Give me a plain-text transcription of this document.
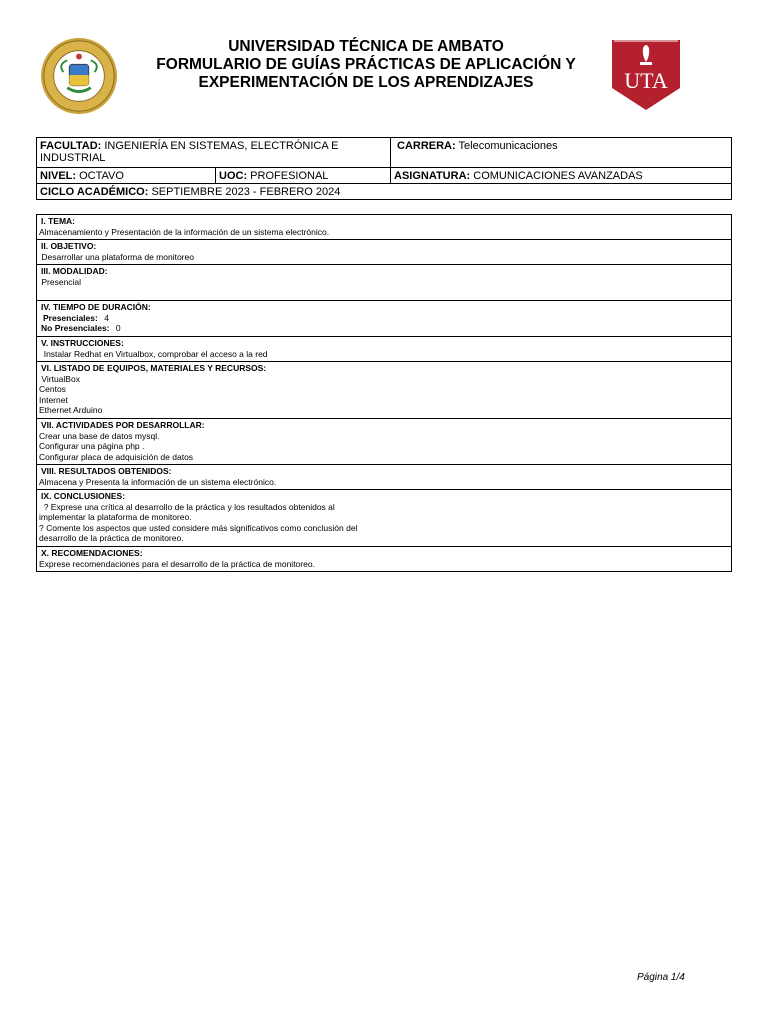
UNIVERSIDAD TÉCNICA DE AMBATO
FORMULARIO DE GUÍAS PRÁCTICAS DE APLICACIÓN Y
EXPERIMENTACIÓN DE LOS APRENDIZAJES	UTA
FACULTAD: INGENIERÍA EN SISTEMAS, ELECTRÓNICA E
INDUSTRIAL		CARRERA: Telecomunicaciones
NIVEL: OCTAVO	UOC: PROFESIONAL	ASIGNATURA: COMUNICACIONES AVANZADAS
CICLO ACADÉMICO: SEPTIEMBRE 2023 - FEBRERO 2024		
I. TEMA:
Almacenamiento y Presentación de la información de un sistema electrónico.

II. OBJETIVO:
Desarrollar una plataforma de monitoreo

III. MODALIDAD:
Presencial

IV. TIEMPO DE DURACIÓN:
Presenciales: 4
No Presenciales: 0

V. INSTRUCCIONES:
Instalar Redhat en Virtualbox, comprobar el acceso a la red

VI. LISTADO DE EQUIPOS, MATERIALES Y RECURSOS:
VirtualBox
Centos
Internet
Ethernet Arduino

VII. ACTIVIDADES POR DESARROLLAR:
Crear una base de datos mysql.
Configurar una página php .
Configurar placa de adquisición de datos

VIII. RESULTADOS OBTENIDOS:
Almacena y Presenta la información de un sistema electrónico.

IX. CONCLUSIONES:
? Exprese una crítica al desarrollo de la práctica y los resultados obtenidos al
implementar la plataforma de monitoreo.
? Comente los aspectos que usted considere más significativos como conclusión del
desarrollo de la práctica de monitoreo.

X. RECOMENDACIONES:
Exprese recomendaciones para el desarrollo de la práctica de monitoreo.
Página 1/4
